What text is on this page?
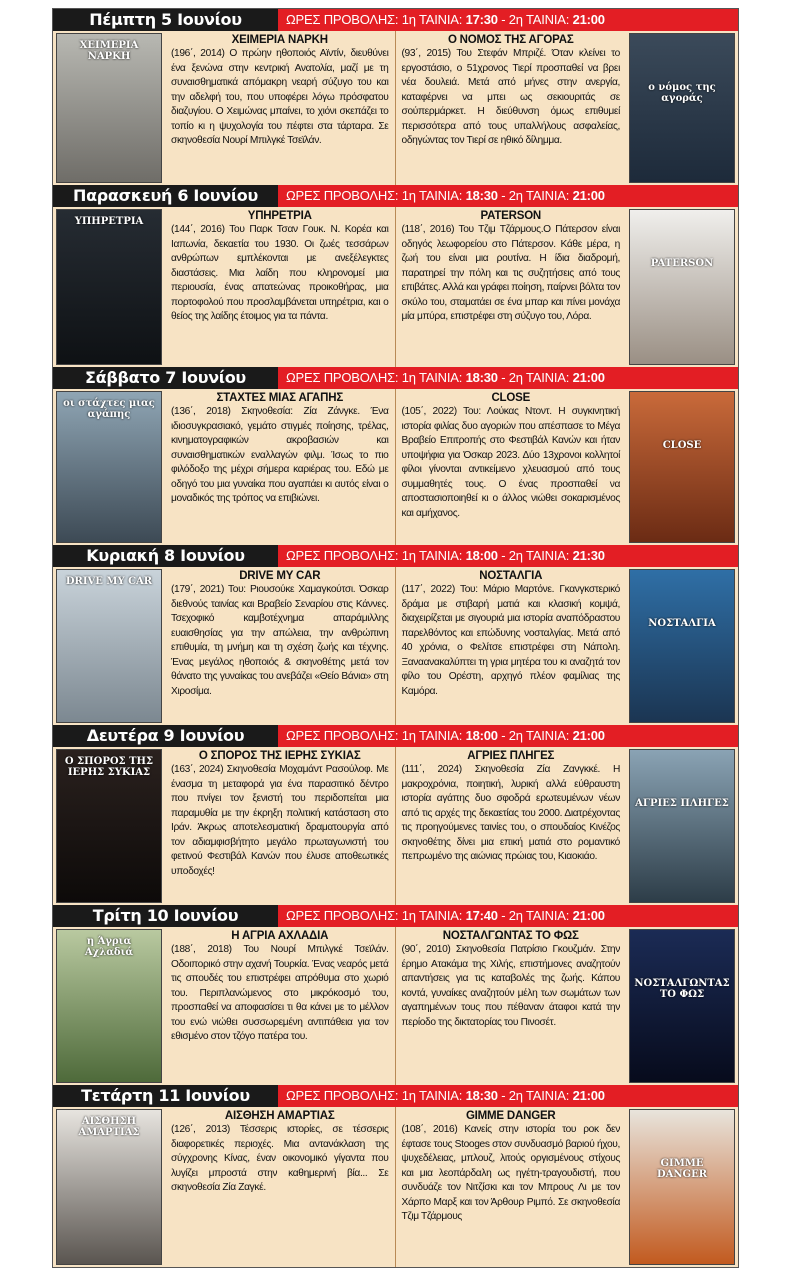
Πέμπτη 5 Ιουνίου	ΩΡΕΣ ΠΡΟΒΟΛΗΣ: 1η ΤΑΙΝΙΑ: 17:30 - 2η ΤΑΙΝΙΑ: 21:00
ΧΕΙΜΕΡΙΑ ΝΑΡΚΗ
ΧΕΙΜΕΡΙΑ ΝΑΡΚΗ
(196΄, 2014) Ο πρώην ηθοποιός Αϊντίν, διευθύνει ένα ξενώνα στην κεντρική Ανατολία, μαζί με τη συναισθηματικά απόμακρη νεαρή σύζυγο του και την αδελφή του, που υποφέρει λόγω πρόσφατου διαζυγίου. Ο Χειμώνας μπαίνει, το χιόνι σκεπάζει το τοπίο κι η ψυχολογία του πέφτει στα τάρταρα. Σε σκηνοθεσία Νουρί Μπιλγκέ Τσεϊλάν.
ο νόμος της αγοράς
Ο ΝΟΜΟΣ ΤΗΣ ΑΓΟΡΑΣ
(93΄, 2015) Του Στεφάν Μπριζέ. Όταν κλείνει το εργοστάσιο, ο 51χρονος Τιερί προσπαθεί να βρει νέα δουλειά. Μετά από μήνες στην ανεργία, καταφέρνει να μπει ως σεκιουριτάς σε σούπερμάρκετ. Η διεύθυνση όμως επιθυμεί περισσότερα από τους υπαλλήλους ασφαλείας, οδηγώντας τον Τιερί σε ηθικό δίλημμα.
Παρασκευή 6 Ιουνίου	ΩΡΕΣ ΠΡΟΒΟΛΗΣ: 1η ΤΑΙΝΙΑ: 18:30 - 2η ΤΑΙΝΙΑ: 21:00
ΥΠΗΡΕΤΡΙΑ	ΥΠΗΡΕΤΡΙΑ
(144΄, 2016) Του Παρκ Τσαν Γουκ. Ν. Κορέα και Ιαπωνία, δεκαετία του 1930. Οι ζωές τεσσάρων ανθρώπων εμπλέκονται με ανεξέλεγκτες διαστάσεις. Μια λαίδη που κληρονομεί μια περιουσία, ένας απατεώνας προικοθήρας, μια πορτοφολού που προσλαμβάνεται υπηρέτρια, και ο θείος της λαίδης έτοιμος για τα πάντα.
PATERSON
PATERSON
(118΄, 2016) Του Τζιμ Τζάρμους.Ο Πάτερσον είναι οδηγός λεωφορείου στο Πάτερσον. Κάθε μέρα, η ζωή του είναι μια ρουτίνα. Η ίδια διαδρομή, παρατηρεί την πόλη και τις συζητήσεις από τους επιβάτες. Αλλά και γράφει ποίηση, παίρνει βόλτα τον σκύλο του, σταματάει σε ένα μπαρ και πίνει μονάχα μία μπύρα, επιστρέφει στη σύζυγο του, Λόρα.
Σάββατο 7 Ιουνίου	ΩΡΕΣ ΠΡΟΒΟΛΗΣ: 1η ΤΑΙΝΙΑ: 18:30 - 2η ΤΑΙΝΙΑ: 21:00
οι στάχτες μιας αγάπης
ΣΤΑΧΤΕΣ ΜΙΑΣ ΑΓΑΠΗΣ
(136΄, 2018) Σκηνοθεσία: Ζία Ζάνγκε. Ένα ιδιοσυγκρασιακό, γεμάτο στιγμές ποίησης, τρέλας, κινηματογραφικών ακροβασιών και συναισθηματικών εναλλαγών φιλμ. Ίσως το πιο φιλόδοξο της μέχρι σήμερα καριέρας του. Εδώ με οδηγό του μια γυναίκα που αγαπάει κι αυτός είναι ο μοναδικός της τρόπος να επιβιώνει.
CLOSE
CLOSE
(105΄, 2022) Του: Λούκας Ντοντ. Η συγκινητική ιστορία φιλίας δυο αγοριών που απέσπασε το Μέγα Βραβείο Επιτροπής στο Φεστιβάλ Κανών και ήταν υποψήφια για Όσκαρ 2023. Δύο 13χρονοι κολλητοί φίλοι γίνονται αντικείμενο χλευασμού από τους συμμαθητές τους. Ο ένας προσπαθεί να αποστασιοποιηθεί κι ο άλλος νιώθει σοκαρισμένος και αμήχανος.
Κυριακή 8 Ιουνίου	ΩΡΕΣ ΠΡΟΒΟΛΗΣ: 1η ΤΑΙΝΙΑ: 18:00 - 2η ΤΑΙΝΙΑ: 21:30
DRIVE MY CAR	DRIVE MY CAR
(179΄, 2021) Του: Ριουσούκε Χαμαγκούτσι. Όσκαρ διεθνούς ταινίας και Βραβείο Σεναρίου στις Κάννες. Τσεχοφικό καμβοτέχνημα απαράμιλλης ευαισθησίας για την απώλεια, την ανθρώπινη επιθυμία, τη μνήμη και τη σχέση ζωής και τέχνης. Ένας μεγάλος ηθοποιός & σκηνοθέτης μετά τον θάνατο της γυναίκας του ανεβάζει «Θείο Βάνια» στη Χιροσίμα.
ΝΟΣΤΑΛΓΙΑ
ΝΟΣΤΑΛΓΙΑ
(117΄, 2022) Του: Μάριο Μαρτόνε. Γκανγκστερικό δράμα με στιβαρή ματιά και κλασική κομψά, διαχειρίζεται με σιγουριά μια ιστορία αναπόδραστου παρελθόντος και επώδυνης νοσταλγίας. Μετά από 40 χρόνια, ο Φελίτσε επιστρέφει στη Νάπολη. Ξαναανακαλύπτει τη γρια μητέρα του κι αναζητά τον φίλο του Ορέστη, αρχηγό πλέον φαμίλιας της Καμόρα.
Δευτέρα 9 Ιουνίου	ΩΡΕΣ ΠΡΟΒΟΛΗΣ: 1η ΤΑΙΝΙΑ: 18:00 - 2η ΤΑΙΝΙΑ: 21:00
Ο ΣΠΟΡΟΣ ΤΗΣ ΙΕΡΗΣ ΣΥΚΙΑΣ
Ο ΣΠΟΡΟΣ ΤΗΣ ΙΕΡΗΣ ΣΥΚΙΑΣ
(163΄, 2024) Σκηνοθεσία Μοχαμάντ Ρασούλοφ. Με ένασμα τη μεταφορά για ένα παρασιτικό δέντρο που πνίγει τον ξενιστή του περιδοπείται μια παραμυθία με την έκρηξη πολιτική κατάσταση στο Ιράν. Άκρως αποτελεσματική δραματουργία από τον αδιαμφισβήτητο μεγάλο πρωταγωνιστή του φετινού Φεστιβάλ Κανών που έλυσε αποθεωτικές υποδοχές!
ΑΓΡΙΕΣ ΠΛΗΓΕΣ
ΑΓΡΙΕΣ ΠΛΗΓΕΣ
(111΄, 2024) Σκηνοθεσία Ζία Ζανγκκέ. Η μακροχρόνια, ποιητική, λυρική αλλά εύθραυστη ιστορία αγάπης δυο σφοδρά ερωτευμένων νέων από τις αρχές της δεκαετίας του 2000. Διατρέχοντας τις προηγούμενες ταινίες του, ο σπουδαίος Κινέζος σκηνοθέτης δίνει μια επική ματιά στο ρομαντικό πεπρωμένο της αιώνιας πρώιας του, Κιαοκιάο.
Τρίτη 10 Ιουνίου	ΩΡΕΣ ΠΡΟΒΟΛΗΣ: 1η ΤΑΙΝΙΑ: 17:40 - 2η ΤΑΙΝΙΑ: 21:00
η Άγρια Αχλαδιά
Η ΑΓΡΙΑ ΑΧΛΑΔΙΑ
(188΄, 2018) Του Νουρί Μπιλγκέ Τσεϊλάν. Οδοιπορικό στην αχανή Τουρκία. Ένας νεαρός μετά τις σπουδές του επιστρέφει απρόθυμα στο χωριό του. Περιπλανώμενος στο μικρόκοσμό του, προσπαθεί να αποφασίσει τι θα κάνει με το μέλλον του ενώ νιώθει συσσωρεμένη αντιπάθεια για τον εθισμένο στον τζόγο πατέρα του.
ΝΟΣΤΑΛΓΩΝΤΑΣ ΤΟ ΦΩΣ
ΝΟΣΤΑΛΓΩΝΤΑΣ ΤΟ ΦΩΣ
(90΄, 2010) Σκηνοθεσία Πατρίσιο Γκουζμάν. Στην έρημο Ατακάμα της Χιλής, επιστήμονες αναζητούν απαντήσεις για τις καταβολές της ζωής. Κάπου κοντά, γυναίκες αναζητούν μέλη των σωμάτων των αγαπημένων τους που πέθαναν άταφοι κατά την περίοδο της δικτατορίας του Πινοσέτ.
Τετάρτη 11 Ιουνίου	ΩΡΕΣ ΠΡΟΒΟΛΗΣ: 1η ΤΑΙΝΙΑ: 18:30 - 2η ΤΑΙΝΙΑ: 21:00
ΑΙΣΘΗΣΗ ΑΜΑΡΤΙΑΣ
ΑΙΣΘΗΣΗ ΑΜΑΡΤΙΑΣ
(126΄, 2013) Τέσσερις ιστορίες, σε τέσσερις διαφορετικές περιοχές. Μια αντανάκλαση της σύγχρονης Κίνας, έναν οικονομικό γίγαντα που λυγίζει μπροστά στην καθημερινή βία... Σε σκηνοθεσία Ζία Ζαγκέ.
GIMME DANGER
GIMME DANGER
(108΄, 2016) Κανείς στην ιστορία του ροκ δεν έφτασε τους Stooges στον συνδυασμό βαριού ήχου, ψυχεδέλειας, μπλουζ, λιτούς οργισμένους στίχους και μια λεοπάρδαλη ως ηγέτη-τραγουδιστή, που συνδυάζε τον Νιτζίσκι και τον Μπρους Λι με τον Χάρπο Μαρξ και τον Άρθουρ Ριμπό. Σε σκηνοθεσία Τζιμ Τζάρμους
